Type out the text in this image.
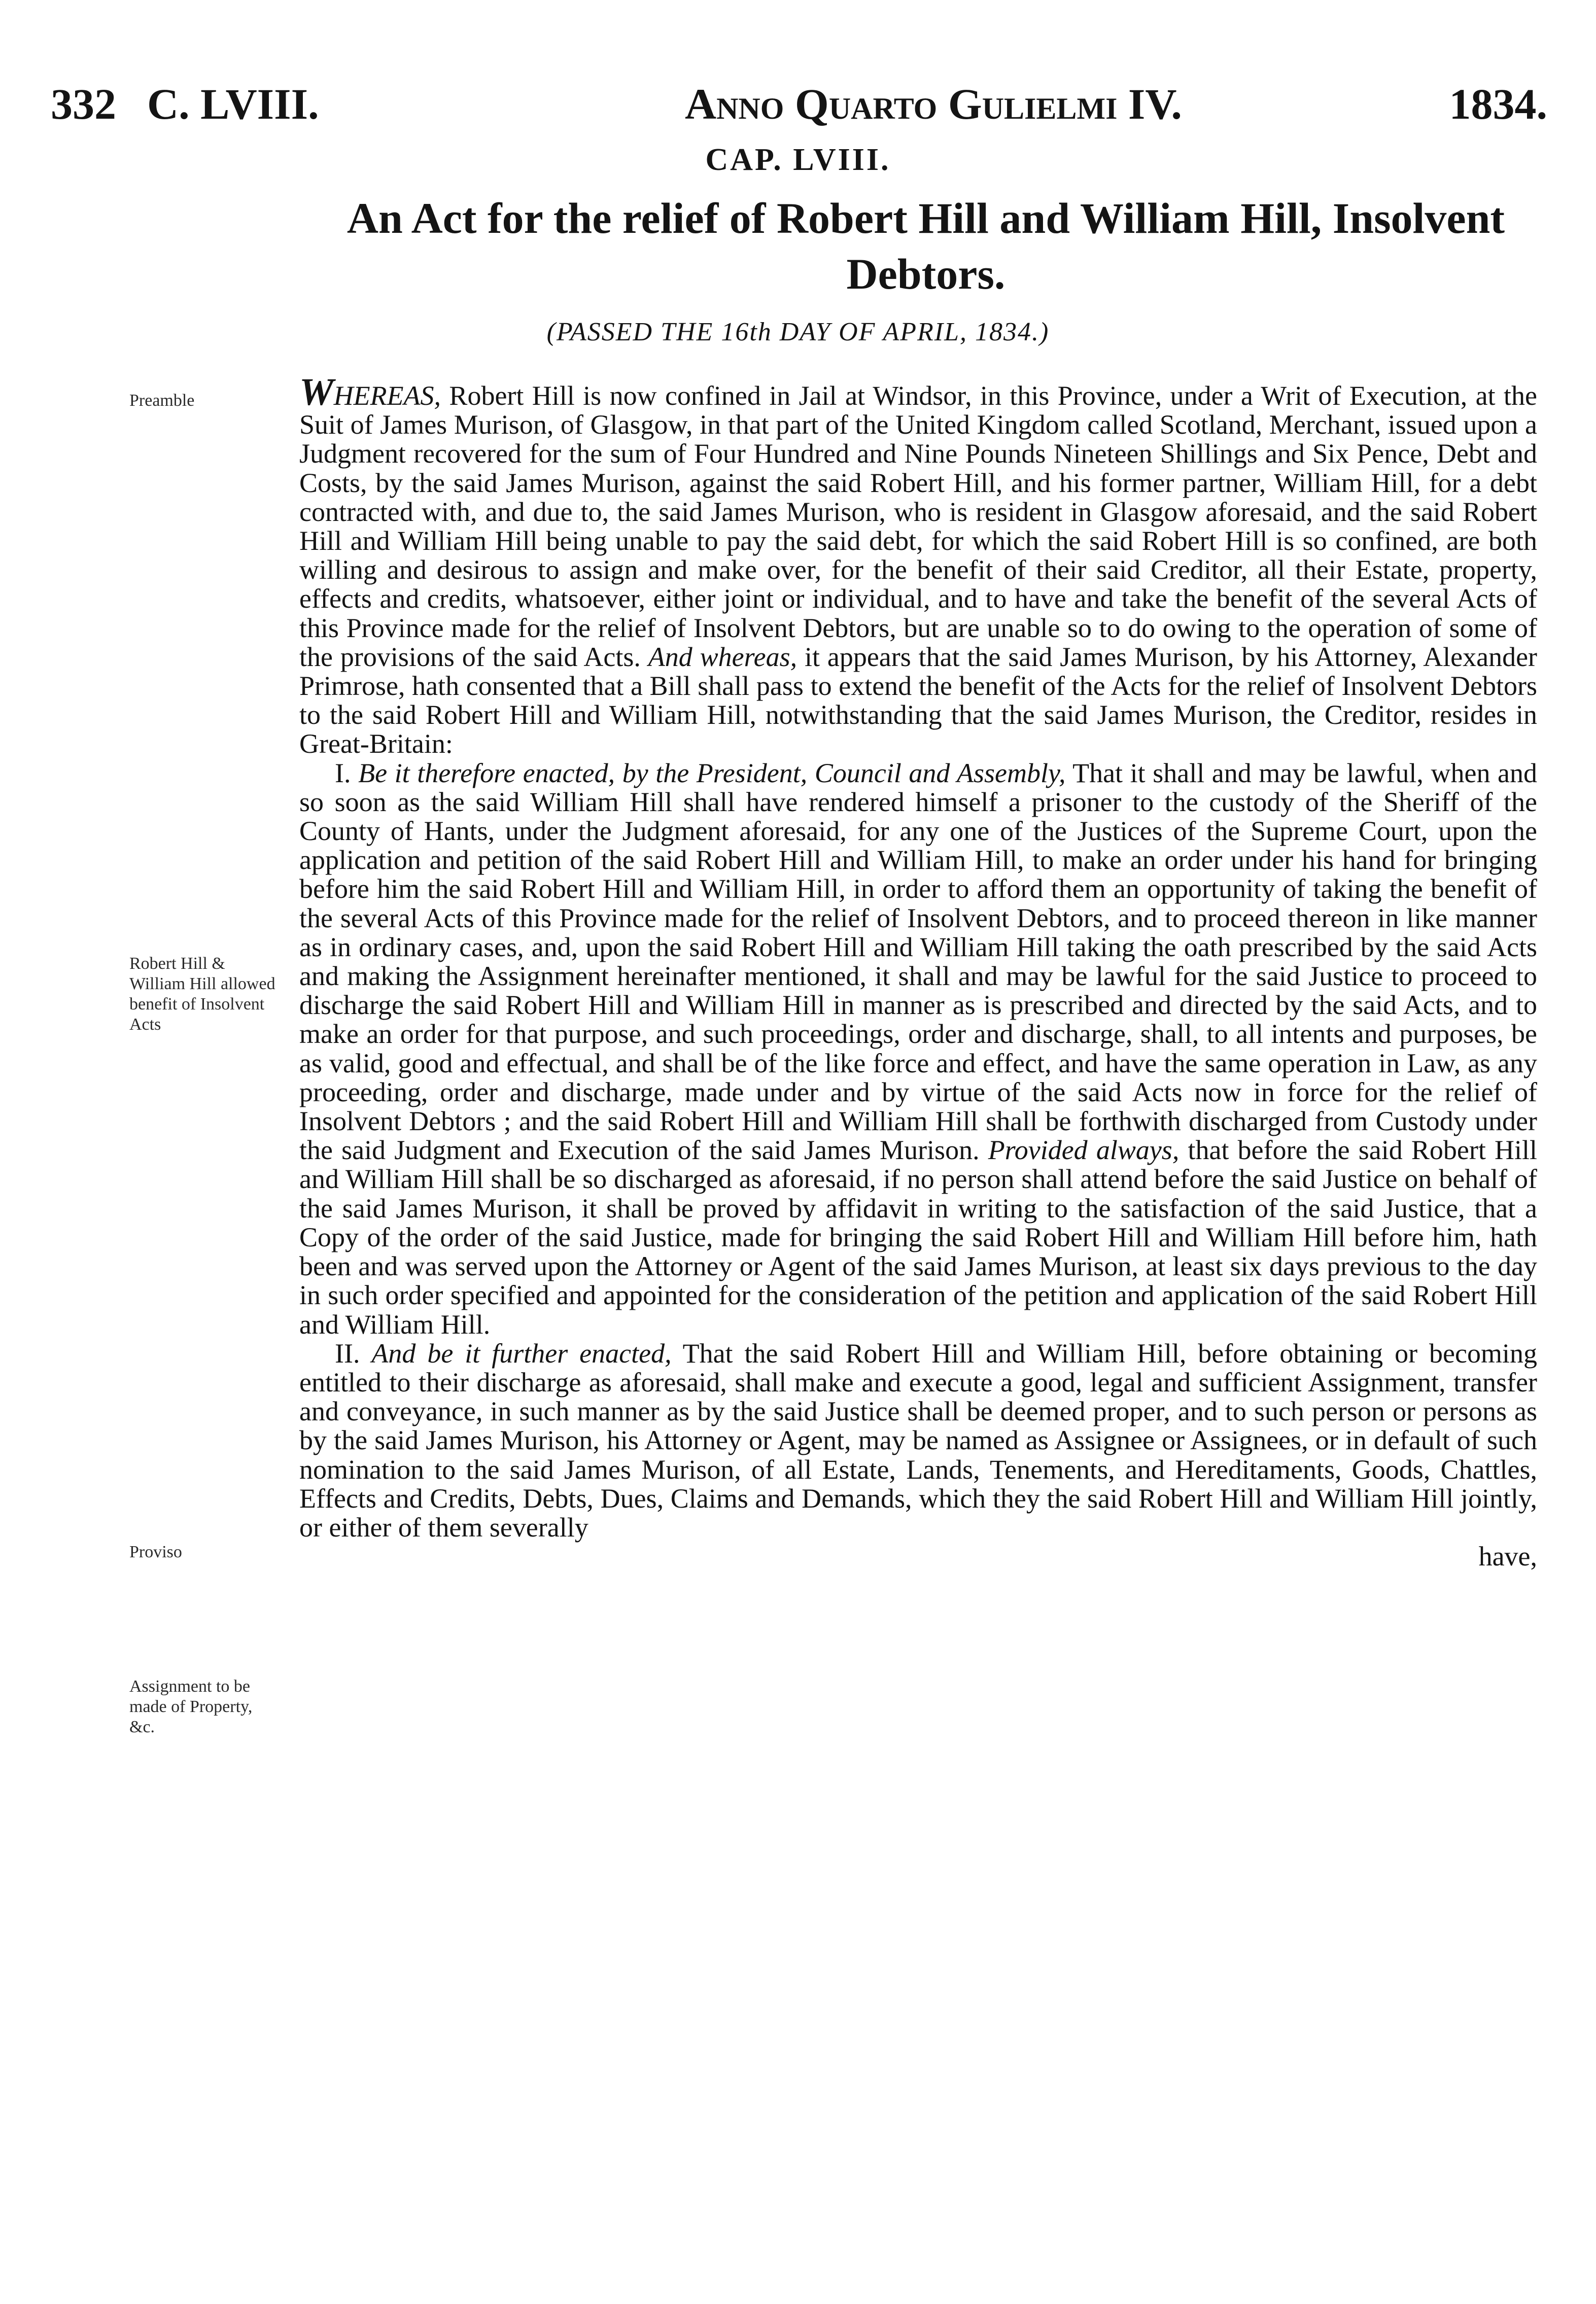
332 C. LVIII.	Anno Quarto Gulielmi IV.	1834.
CAP. LVIII.
An Act for the relief of Robert Hill and William Hill, Insolvent Debtors.
(PASSED THE 16th DAY OF APRIL, 1834.)
Preamble
Robert Hill & William Hill allowed benefit of Insolvent Acts
Proviso
Assignment to be made of Property, &c.

WHEREAS, Robert Hill is now confined in Jail at Windsor, in this Province, under a Writ of Execution, at the Suit of James Murison, of Glasgow, in that part of the United Kingdom called Scotland, Merchant, issued upon a Judgment recovered for the sum of Four Hundred and Nine Pounds Nineteen Shillings and Six Pence, Debt and Costs, by the said James Murison, against the said Robert Hill, and his former partner, William Hill, for a debt contracted with, and due to, the said James Murison, who is resident in Glasgow aforesaid, and the said Robert Hill and William Hill being unable to pay the said debt, for which the said Robert Hill is so confined, are both willing and desirous to assign and make over, for the benefit of their said Creditor, all their Estate, property, effects and credits, whatsoever, either joint or individual, and to have and take the benefit of the several Acts of this Province made for the relief of Insolvent Debtors, but are unable so to do owing to the operation of some of the provisions of the said Acts. And whereas, it appears that the said James Murison, by his Attorney, Alexander Primrose, hath consented that a Bill shall pass to extend the benefit of the Acts for the relief of Insolvent Debtors to the said Robert Hill and William Hill, notwithstanding that the said James Murison, the Creditor, resides in Great-Britain:

I. Be it therefore enacted, by the President, Council and Assembly, That it shall and may be lawful, when and so soon as the said William Hill shall have rendered himself a prisoner to the custody of the Sheriff of the County of Hants, under the Judgment aforesaid, for any one of the Justices of the Supreme Court, upon the application and petition of the said Robert Hill and William Hill, to make an order under his hand for bringing before him the said Robert Hill and William Hill, in order to afford them an opportunity of taking the benefit of the several Acts of this Province made for the relief of Insolvent Debtors, and to proceed thereon in like manner as in ordinary cases, and, upon the said Robert Hill and William Hill taking the oath prescribed by the said Acts and making the Assignment hereinafter mentioned, it shall and may be lawful for the said Justice to proceed to discharge the said Robert Hill and William Hill in manner as is prescribed and directed by the said Acts, and to make an order for that purpose, and such proceedings, order and discharge, shall, to all intents and purposes, be as valid, good and effectual, and shall be of the like force and effect, and have the same operation in Law, as any proceeding, order and discharge, made under and by virtue of the said Acts now in force for the relief of Insolvent Debtors ; and the said Robert Hill and William Hill shall be forthwith discharged from Custody under the said Judgment and Execution of the said James Murison. Provided always, that before the said Robert Hill and William Hill shall be so discharged as aforesaid, if no person shall attend before the said Justice on behalf of the said James Murison, it shall be proved by affidavit in writing to the satisfaction of the said Justice, that a Copy of the order of the said Justice, made for bringing the said Robert Hill and William Hill before him, hath been and was served upon the Attorney or Agent of the said James Murison, at least six days previous to the day in such order specified and appointed for the consideration of the petition and application of the said Robert Hill and William Hill.

II. And be it further enacted, That the said Robert Hill and William Hill, before obtaining or becoming entitled to their discharge as aforesaid, shall make and execute a good, legal and sufficient Assignment, transfer and conveyance, in such manner as by the said Justice shall be deemed proper, and to such person or persons as by the said James Murison, his Attorney or Agent, may be named as Assignee or Assignees, or in default of such nomination to the said James Murison, of all Estate, Lands, Tenements, and Hereditaments, Goods, Chattles, Effects and Credits, Debts, Dues, Claims and Demands, which they the said Robert Hill and William Hill jointly, or either of them severally

have,
